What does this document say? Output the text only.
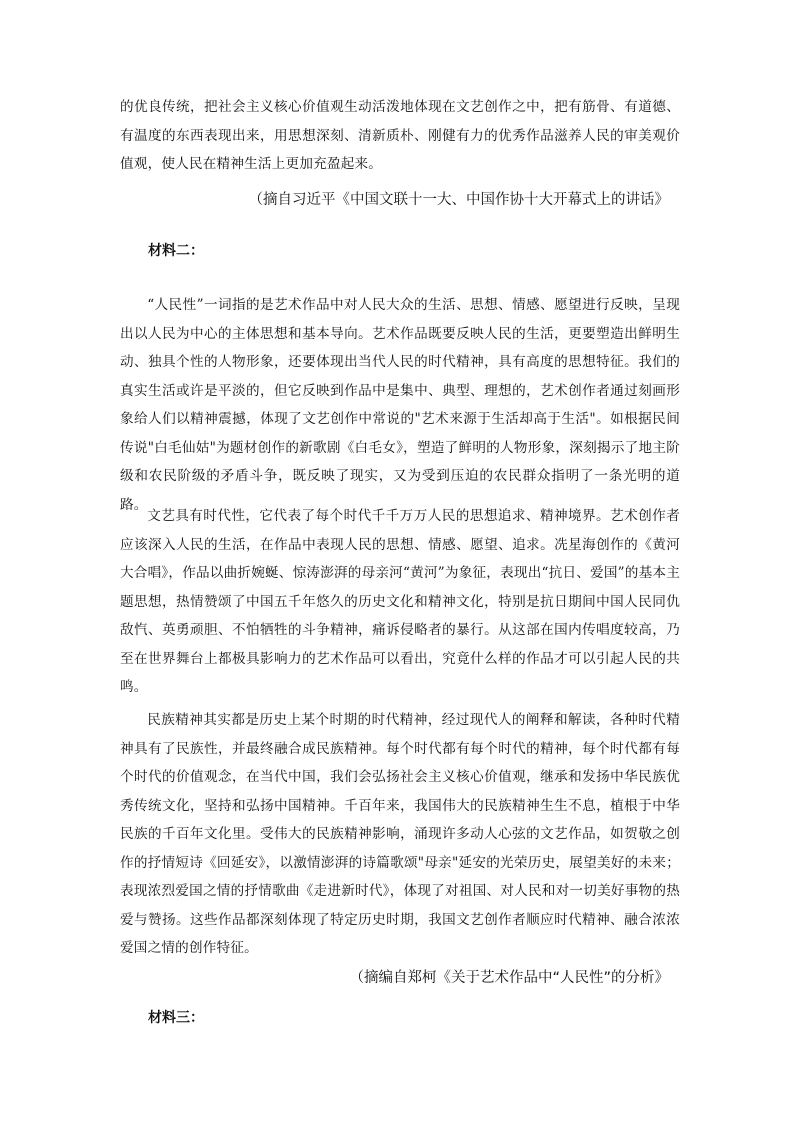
的优良传统，把社会主义核心价值观生动活泼地体现在文艺创作之中，把有筋骨、有道德、有温度的东西表现出来，用思想深刻、清新质朴、刚健有力的优秀作品滋养人民的审美观价值观，使人民在精神生活上更加充盈起来。

（摘自习近平《中国文联十一大、中国作协十大开幕式上的讲话》

材料二：

“人民性”一词指的是艺术作品中对人民大众的生活、思想、情感、愿望进行反映，呈现出以人民为中心的主体思想和基本导向。艺术作品既要反映人民的生活，更要塑造出鲜明生动、独具个性的人物形象，还要体现出当代人民的时代精神，具有高度的思想特征。我们的真实生活或许是平淡的，但它反映到作品中是集中、典型、理想的，艺术创作者通过刻画形象给人们以精神震撼，体现了文艺创作中常说的"艺术来源于生活却高于生活"。如根据民间传说"白毛仙姑"为题材创作的新歌剧《白毛女》，塑造了鲜明的人物形象，深刻揭示了地主阶级和农民阶级的矛盾斗争，既反映了现实，又为受到压迫的农民群众指明了一条光明的道路。

文艺具有时代性，它代表了每个时代千千万万人民的思想追求、精神境界。艺术创作者应该深入人民的生活，在作品中表现人民的思想、情感、愿望、追求。冼星海创作的《黄河大合唱》，作品以曲折婉蜒、惊涛澎湃的母亲河“黄河”为象征，表现出“抗日、爱国”的基本主题思想，热情赞颂了中国五千年悠久的历史文化和精神文化，特别是抗日期间中国人民同仇敌忾、英勇顽胆、不怕牺牲的斗争精神，痛诉侵略者的暴行。从这部在国内传唱度较高，乃至在世界舞台上都极具影响力的艺术作品可以看出，究竟什么样的作品才可以引起人民的共鸣。

民族精神其实都是历史上某个时期的时代精神，经过现代人的阐释和解读，各种时代精神具有了民族性，并最终融合成民族精神。每个时代都有每个时代的精神，每个时代都有每个时代的价值观念，在当代中国，我们会弘扬社会主义核心价值观，继承和发扬中华民族优秀传统文化，坚持和弘扬中国精神。千百年来，我国伟大的民族精神生生不息，植根于中华民族的千百年文化里。受伟大的民族精神影响，涌现许多动人心弦的文艺作品，如贺敬之创作的抒情短诗《回延安》，以激情澎湃的诗篇歌颂"母亲"延安的光荣历史，展望美好的未来；表现浓烈爱国之情的抒情歌曲《走进新时代》，体现了对祖国、对人民和对一切美好事物的热爱与赞扬。这些作品都深刻体现了特定历史时期，我国文艺创作者顺应时代精神、融合浓浓爱国之情的创作特征。

（摘编自郑柯《关于艺术作品中“人民性”的分析》

材料三：
